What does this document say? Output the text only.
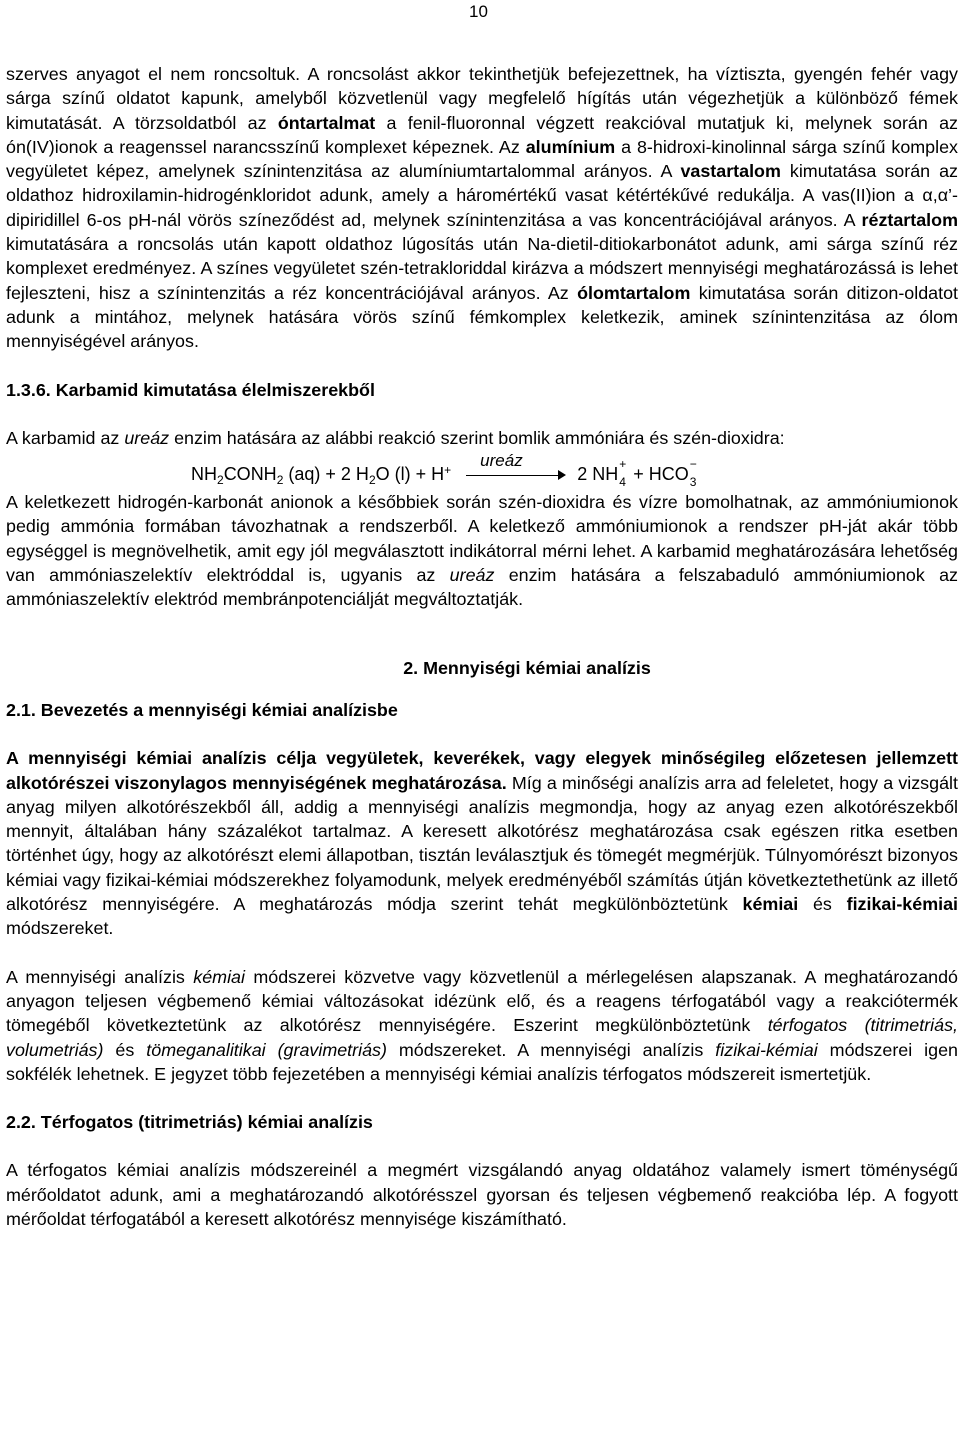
10

szerves anyagot el nem roncsoltuk. A roncsolást akkor tekinthetjük befejezettnek, ha víztiszta, gyengén fehér vagy sárga színű oldatot kapunk, amelyből közvetlenül vagy megfelelő hígítás után végezhetjük a különböző fémek kimutatását. A törzsoldatból az óntartalmat a fenil-fluoronnal végzett reakcióval mutatjuk ki, melynek során az ón(IV)ionok a reagenssel narancsszínű komplexet képeznek. Az alumínium a 8-hidroxi-kinolinnal sárga színű komplex vegyületet képez, amelynek színintenzitása az alumíniumtartalommal arányos. A vastartalom kimutatása során az oldathoz hidroxilamin-hidrogénkloridot adunk, amely a háromértékű vasat kétértékűvé redukálja. A vas(II)ion a α,α’-dipiridillel 6-os pH-nál vörös színeződést ad, melynek színintenzitása a vas koncentrációjával arányos. A réztartalom kimutatására a roncsolás után kapott oldathoz lúgosítás után Na-dietil-ditiokarbonátot adunk, ami sárga színű réz komplexet eredményez. A színes vegyületet szén-tetrakloriddal kirázva a módszert mennyiségi meghatározássá is lehet fejleszteni, hisz a színintenzitás a réz koncentrációjával arányos. Az ólomtartalom kimutatása során ditizon-oldatot adunk a mintához, melynek hatására vörös színű fémkomplex keletkezik, aminek színintenzitása az ólom mennyiségével arányos.

1.3.6. Karbamid kimutatása élelmiszerekből

A karbamid az ureáz enzim hatására az alábbi reakció szerint bomlik ammóniára és szén-dioxidra:

$NH_2CONH_2$ (aq) + 2 $H_2O$ (l) + H+ ureáz
2 NH +
4 + HCO −
3

A keletkezett hidrogén-karbonát anionok a későbbiek során szén-dioxidra és vízre bomolhatnak, az ammóniumionok pedig ammónia formában távozhatnak a rendszerből. A keletkező ammóniumionok a rendszer pH-ját akár több egységgel is megnövelhetik, amit egy jól megválasztott indikátorral mérni lehet. A karbamid meghatározására lehetőség van ammóniaszelektív elektróddal is, ugyanis az ureáz enzim hatására a felszabaduló ammóniumionok az ammóniaszelektív elektród membránpotenciálját megváltoztatják.

2. Mennyiségi kémiai analízis
2.1. Bevezetés a mennyiségi kémiai analízisbe

A mennyiségi kémiai analízis célja vegyületek, keverékek, vagy elegyek minőségileg előzetesen jellemzett alkotórészei viszonylagos mennyiségének meghatározása. Míg a minőségi analízis arra ad feleletet, hogy a vizsgált anyag milyen alkotórészekből áll, addig a mennyiségi analízis megmondja, hogy az anyag ezen alkotórészekből mennyit, általában hány százalékot tartalmaz. A keresett alkotórész meghatározása csak egészen ritka esetben történhet úgy, hogy az alkotórészt elemi állapotban, tisztán leválasztjuk és tömegét megmérjük. Túlnyomórészt bizonyos kémiai vagy fizikai-kémiai módszerekhez folyamodunk, melyek eredményéből számítás útján következtethetünk az illető alkotórész mennyiségére. A meghatározás módja szerint tehát megkülönböztetünk kémiai és fizikai-kémiai módszereket.

A mennyiségi analízis kémiai módszerei közvetve vagy közvetlenül a mérlegelésen alapszanak. A meghatározandó anyagon teljesen végbemenő kémiai változásokat idézünk elő, és a reagens térfogatából vagy a reakciótermék tömegéből következtetünk az alkotórész mennyiségére. Eszerint megkülönböztetünk térfogatos (titrimetriás, volumetriás) és tömeganalitikai (gravimetriás) módszereket. A mennyiségi analízis fizikai-kémiai módszerei igen sokfélék lehetnek. E jegyzet több fejezetében a mennyiségi kémiai analízis térfogatos módszereit ismertetjük.

2.2. Térfogatos (titrimetriás) kémiai analízis

A térfogatos kémiai analízis módszereinél a megmért vizsgálandó anyag oldatához valamely ismert töménységű mérőoldatot adunk, ami a meghatározandó alkotórésszel gyorsan és teljesen végbemenő reakcióba lép. A fogyott mérőoldat térfogatából a keresett alkotórész mennyisége kiszámítható.
